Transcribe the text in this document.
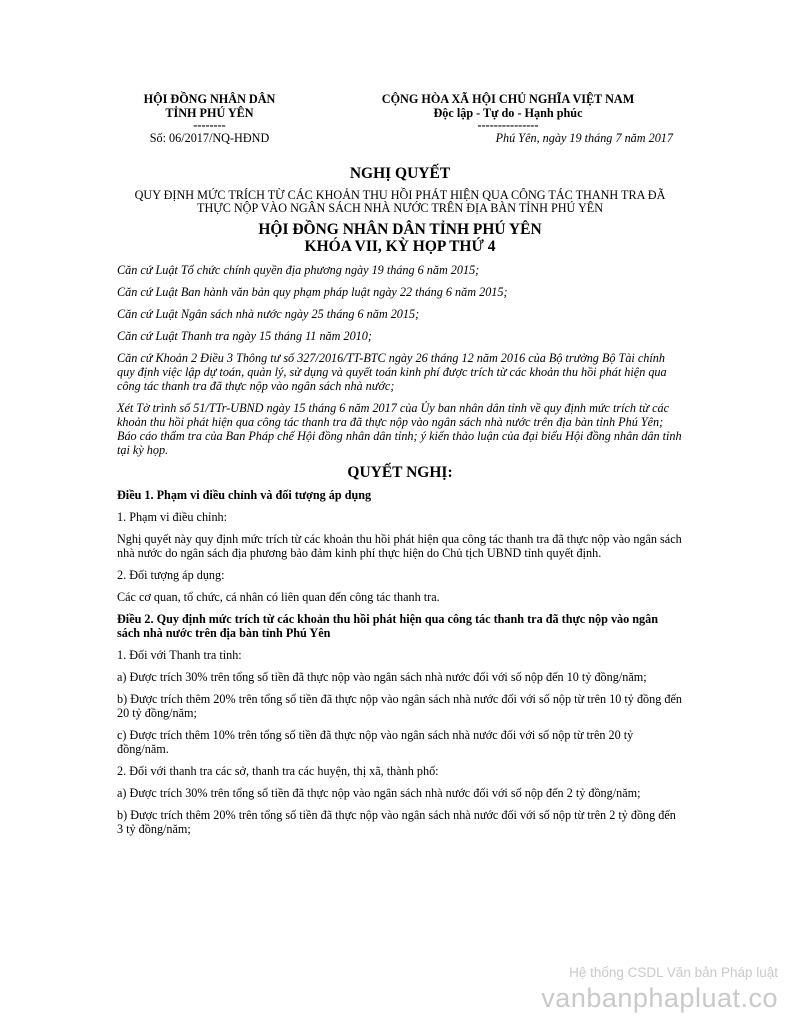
HỘI ĐỒNG NHÂN DÂN
TỈNH PHÚ YÊN
--------
Số: 06/2017/NQ-HĐND
CỘNG HÒA XÃ HỘI CHỦ NGHĨA VIỆT NAM
Độc lập - Tự do - Hạnh phúc
---------------
Phú Yên, ngày 19 tháng 7 năm 2017
NGHỊ QUYẾT
QUY ĐỊNH MỨC TRÍCH TỪ CÁC KHOẢN THU HỒI PHÁT HIỆN QUA CÔNG TÁC THANH TRA ĐÃ THỰC NỘP VÀO NGÂN SÁCH NHÀ NƯỚC TRÊN ĐỊA BÀN TỈNH PHÚ YÊN
HỘI ĐỒNG NHÂN DÂN TỈNH PHÚ YÊN
KHÓA VII, KỲ HỌP THỨ 4

Căn cứ Luật Tổ chức chính quyền địa phương ngày 19 tháng 6 năm 2015;

Căn cứ Luật Ban hành văn bản quy phạm pháp luật ngày 22 tháng 6 năm 2015;

Căn cứ Luật Ngân sách nhà nước ngày 25 tháng 6 năm 2015;

Căn cứ Luật Thanh tra ngày 15 tháng 11 năm 2010;

Căn cứ Khoản 2 Điều 3 Thông tư số 327/2016/TT-BTC ngày 26 tháng 12 năm 2016 của Bộ trưởng Bộ Tài chính quy định việc lập dự toán, quản lý, sử dụng và quyết toán kinh phí được trích từ các khoản thu hồi phát hiện qua công tác thanh tra đã thực nộp vào ngân sách nhà nước;

Xét Tờ trình số 51/TTr-UBND ngày 15 tháng 6 năm 2017 của Ủy ban nhân dân tỉnh về quy định mức trích từ các khoản thu hồi phát hiện qua công tác thanh tra đã thực nộp vào ngân sách nhà nước trên địa bàn tỉnh Phú Yên; Báo cáo thẩm tra của Ban Pháp chế Hội đồng nhân dân tỉnh; ý kiến thảo luận của đại biểu Hội đồng nhân dân tỉnh tại kỳ họp.

QUYẾT NGHỊ:

Điều 1. Phạm vi điều chỉnh và đối tượng áp dụng

1. Phạm vi điều chỉnh:

Nghị quyết này quy định mức trích từ các khoản thu hồi phát hiện qua công tác thanh tra đã thực nộp vào ngân sách nhà nước do ngân sách địa phương bảo đảm kinh phí thực hiện do Chủ tịch UBND tỉnh quyết định.

2. Đối tượng áp dụng:

Các cơ quan, tổ chức, cá nhân có liên quan đến công tác thanh tra.

Điều 2. Quy định mức trích từ các khoản thu hồi phát hiện qua công tác thanh tra đã thực nộp vào ngân sách nhà nước trên địa bàn tỉnh Phú Yên

1. Đối với Thanh tra tỉnh:

a) Được trích 30% trên tổng số tiền đã thực nộp vào ngân sách nhà nước đối với số nộp đến 10 tỷ đồng/năm;

b) Được trích thêm 20% trên tổng số tiền đã thực nộp vào ngân sách nhà nước đối với số nộp từ trên 10 tỷ đồng đến 20 tỷ đồng/năm;

c) Được trích thêm 10% trên tổng số tiền đã thực nộp vào ngân sách nhà nước đối với số nộp từ trên 20 tỷ đồng/năm.

2. Đối với thanh tra các sở, thanh tra các huyện, thị xã, thành phố:

a) Được trích 30% trên tổng số tiền đã thực nộp vào ngân sách nhà nước đối với số nộp đến 2 tỷ đồng/năm;

b) Được trích thêm 20% trên tổng số tiền đã thực nộp vào ngân sách nhà nước đối với số nộp từ trên 2 tỷ đồng đến 3 tỷ đồng/năm;

Hệ thống CSDL Văn bản Pháp luật
vanbanphapluat.co
